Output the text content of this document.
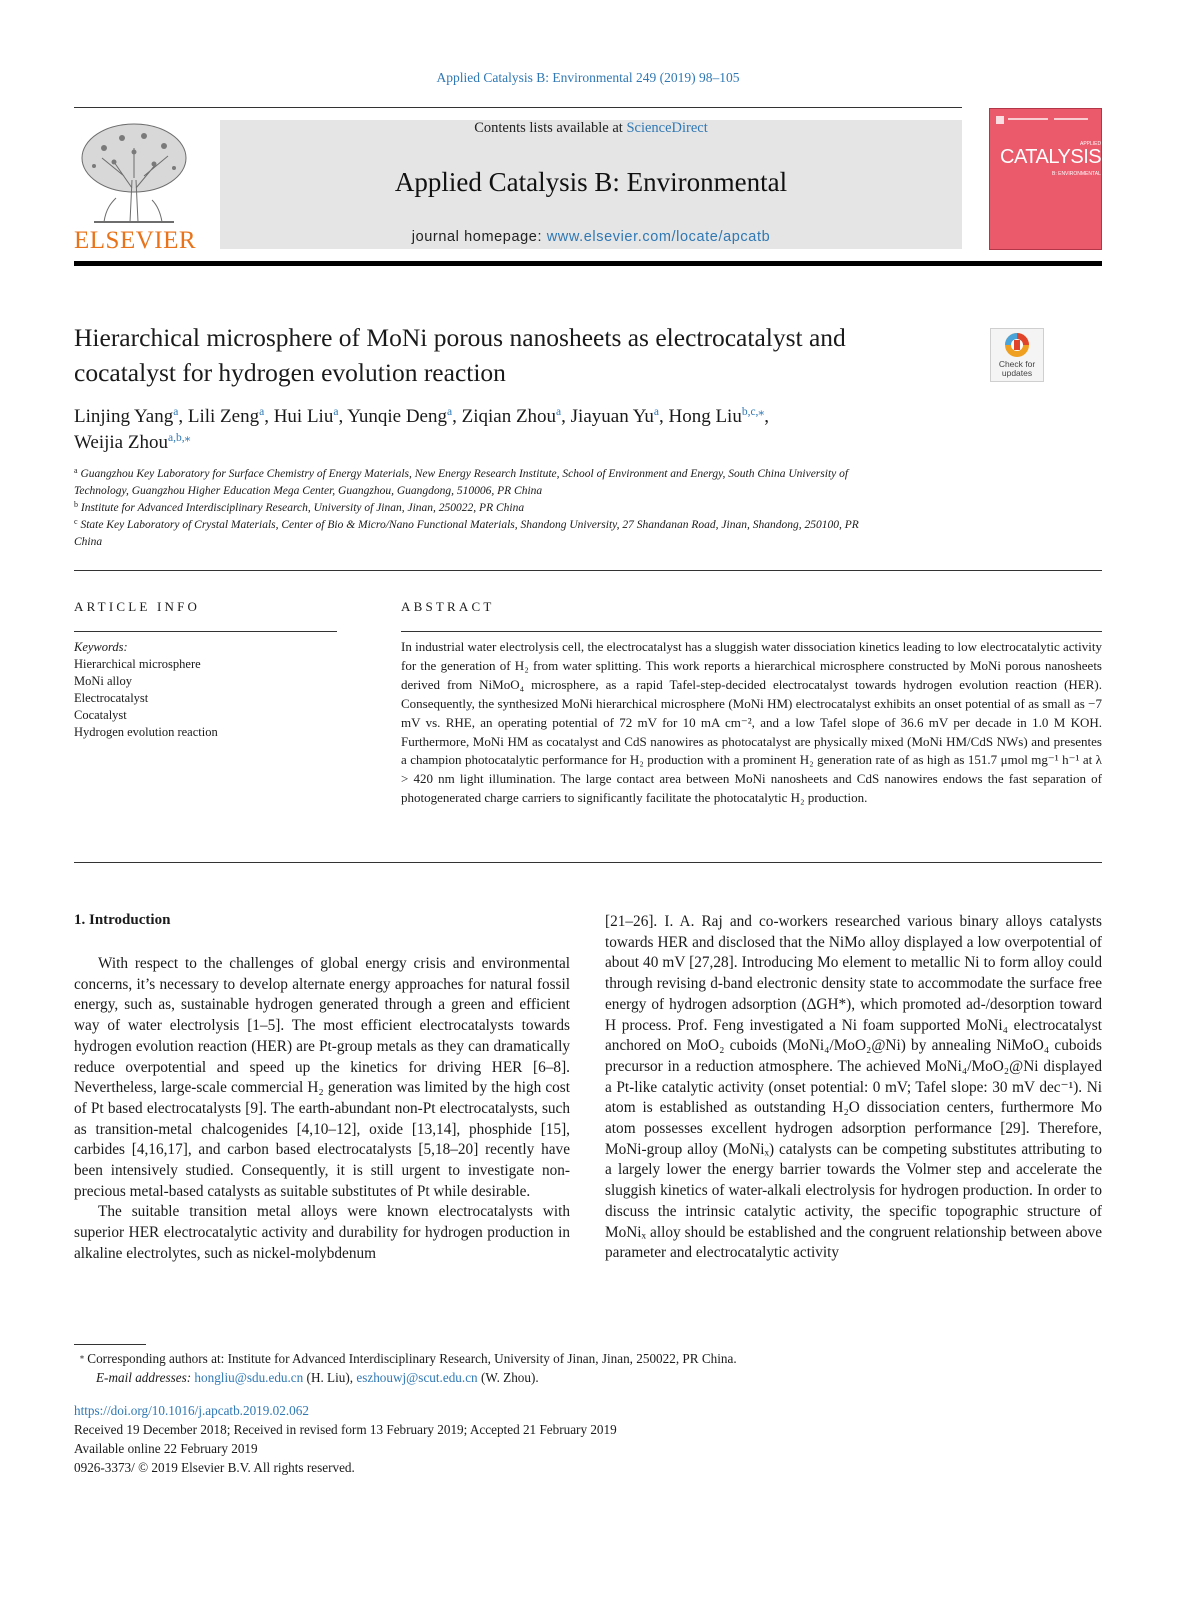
Applied Catalysis B: Environmental 249 (2019) 98–105
ELSEVIER
Contents lists available at ScienceDirect
Applied Catalysis B: Environmental
journal homepage: www.elsevier.com/locate/apcatb
APPLIED
CATALYSIS
B: ENVIRONMENTAL
Hierarchical microsphere of MoNi porous nanosheets as electrocatalyst and
cocatalyst for hydrogen evolution reaction	Check for updates
Linjing Yang$^a$, Lili Zeng$^a$, Hui Liu$^a$, Yunqie Deng$^a$, Ziqian Zhou$^a$, Jiayuan Yu$^a$, Hong Liu$^{b,c,⁎}$,
Weijia Zhou$^{a,b,⁎}$
$^a$ Guangzhou Key Laboratory for Surface Chemistry of Energy Materials, New Energy Research Institute, School of Environment and Energy, South China University of
Technology, Guangzhou Higher Education Mega Center, Guangzhou, Guangdong, 510006, PR China
$^b$ Institute for Advanced Interdisciplinary Research, University of Jinan, Jinan, 250022, PR China
$^c$ State Key Laboratory of Crystal Materials, Center of Bio & Micro/Nano Functional Materials, Shandong University, 27 Shandanan Road, Jinan, Shandong, 250100, PR
China
ARTICLE INFO
Keywords:
Hierarchical microsphere
MoNi alloy
Electrocatalyst
Cocatalyst
Hydrogen evolution reaction
ABSTRACT
In industrial water electrolysis cell, the electrocatalyst has a sluggish water dissociation kinetics leading to low electrocatalytic activity for the generation of H₂ from water splitting. This work reports a hierarchical microsphere constructed by MoNi porous nanosheets derived from NiMoO₄ microsphere, as a rapid Tafel-step-decided electrocatalyst towards hydrogen evolution reaction (HER). Consequently, the synthesized MoNi hierarchical microsphere (MoNi HM) electrocatalyst exhibits an onset potential of as small as −7 mV vs. RHE, an operating potential of 72 mV for 10 mA cm⁻², and a low Tafel slope of 36.6 mV per decade in 1.0 M KOH. Furthermore, MoNi HM as cocatalyst and CdS nanowires as photocatalyst are physically mixed (MoNi HM/CdS NWs) and presentes a champion photocatalytic performance for H₂ production with a prominent H₂ generation rate of as high as 151.7 μmol mg⁻¹ h⁻¹ at λ > 420 nm light illumination. The large contact area between MoNi nanosheets and CdS nanowires endows the fast separation of photogenerated charge carriers to significantly facilitate the photocatalytic H₂ production.
1. Introduction

With respect to the challenges of global energy crisis and environmental concerns, it’s necessary to develop alternate energy approaches for natural fossil energy, such as, sustainable hydrogen generated through a green and efficient way of water electrolysis [1–5]. The most efficient electrocatalysts towards hydrogen evolution reaction (HER) are Pt-group metals as they can dramatically reduce overpotential and speed up the kinetics for driving HER [6–8]. Nevertheless, large-scale commercial H₂ generation was limited by the high cost of Pt based electrocatalysts [9]. The earth-abundant non-Pt electrocatalysts, such as transition-metal chalcogenides [4,10–12], oxide [13,14], phosphide [15], carbides [4,16,17], and carbon based electrocatalysts [5,18–20] recently have been intensively studied. Consequently, it is still urgent to investigate non-precious metal-based catalysts as suitable substitutes of Pt while desirable.

The suitable transition metal alloys were known electrocatalysts with superior HER electrocatalytic activity and durability for hydrogen production in alkaline electrolytes, such as nickel-molybdenum

[21–26]. I. A. Raj and co-workers researched various binary alloys catalysts towards HER and disclosed that the NiMo alloy displayed a low overpotential of about 40 mV [27,28]. Introducing Mo element to metallic Ni to form alloy could through revising d-band electronic density state to accommodate the surface free energy of hydrogen adsorption (ΔGH*), which promoted ad-/desorption toward H process. Prof. Feng investigated a Ni foam supported MoNi₄ electrocatalyst anchored on MoO₂ cuboids (MoNi₄/MoO₂@Ni) by annealing NiMoO₄ cuboids precursor in a reduction atmosphere. The achieved MoNi₄/MoO₂@Ni displayed a Pt-like catalytic activity (onset potential: 0 mV; Tafel slope: 30 mV dec⁻¹). Ni atom is established as outstanding H₂O dissociation centers, furthermore Mo atom possesses excellent hydrogen adsorption performance [29]. Therefore, MoNi-group alloy (MoNiₓ) catalysts can be competing substitutes attributing to a largely lower the energy barrier towards the Volmer step and accelerate the sluggish kinetics of water-alkali electrolysis for hydrogen production. In order to discuss the intrinsic catalytic activity, the specific topographic structure of MoNiₓ alloy should be established and the congruent relationship between above parameter and electrocatalytic activity

⁎ Corresponding authors at: Institute for Advanced Interdisciplinary Research, University of Jinan, Jinan, 250022, PR China.
E-mail addresses: hongliu@sdu.edu.cn (H. Liu), eszhouwj@scut.edu.cn (W. Zhou).
https://doi.org/10.1016/j.apcatb.2019.02.062
Received 19 December 2018; Received in revised form 13 February 2019; Accepted 21 February 2019
Available online 22 February 2019
0926-3373/ © 2019 Elsevier B.V. All rights reserved.
